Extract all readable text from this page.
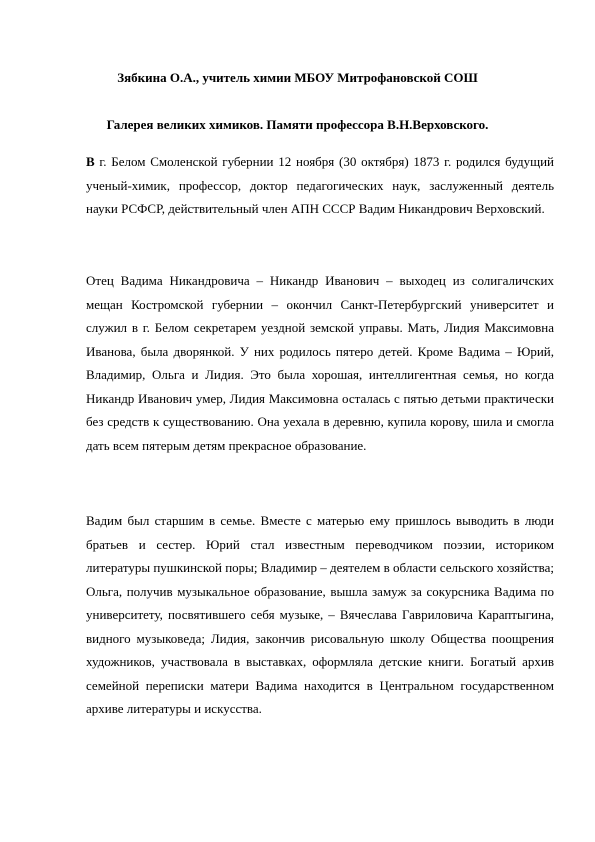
Зябкина О.А., учитель химии МБОУ Митрофановской СОШ

Галерея великих химиков. Памяти профессора В.Н.Верховского.

В г. Белом Смоленской губернии 12 ноября (30 октября) 1873 г. родился будущий ученый-химик, профессор, доктор педагогических наук, заслуженный деятель науки РСФСР, действительный член АПН СССР Вадим Никандрович Верховский.

Отец Вадима Никандровича – Никандр Иванович – выходец из солигаличских мещан Костромской губернии – окончил Санкт-Петербургский университет и служил в г. Белом секретарем уездной земской управы. Мать, Лидия Максимовна Иванова, была дворянкой. У них родилось пятеро детей. Кроме Вадима – Юрий, Владимир, Ольга и Лидия. Это была хорошая, интеллигентная семья, но когда Никандр Иванович умер, Лидия Максимовна осталась с пятью детьми практически без средств к существованию. Она уехала в деревню, купила корову, шила и смогла дать всем пятерым детям прекрасное образование.

Вадим был старшим в семье. Вместе с матерью ему пришлось выводить в люди братьев и сестер. Юрий стал известным переводчиком поэзии, историком литературы пушкинской поры; Владимир – деятелем в области сельского хозяйства; Ольга, получив музыкальное образование, вышла замуж за сокурсника Вадима по университету, посвятившего себя музыке, – Вячеслава Гавриловича Караптыгина, видного музыковеда; Лидия, закончив рисовальную школу Общества поощрения художников, участвовала в выставках, оформляла детские книги. Богатый архив семейной переписки матери Вадима находится в Центральном государственном архиве литературы и искусства.
